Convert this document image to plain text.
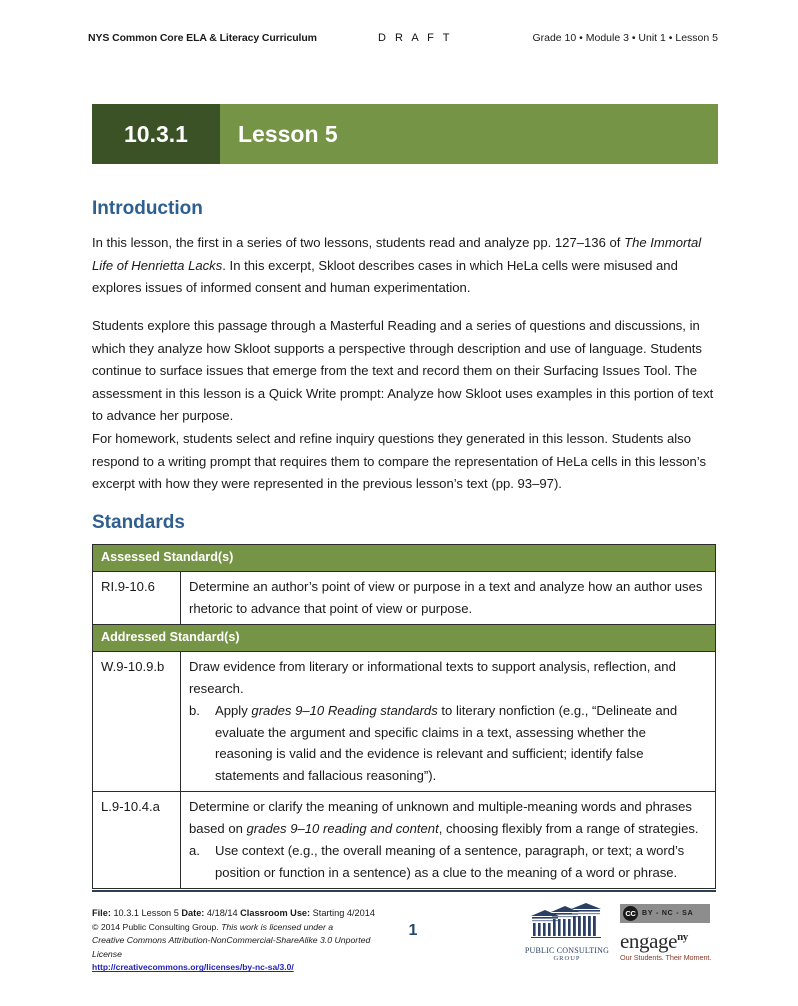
NYS Common Core ELA & Literacy Curriculum	D R A F T	Grade 10 • Module 3 • Unit 1 • Lesson 5
10.3.1	Lesson 5
Introduction

In this lesson, the first in a series of two lessons, students read and analyze pp. 127–136 of The Immortal Life of Henrietta Lacks. In this excerpt, Skloot describes cases in which HeLa cells were misused and explores issues of informed consent and human experimentation.

Students explore this passage through a Masterful Reading and a series of questions and discussions, in which they analyze how Skloot supports a perspective through description and use of language. Students continue to surface issues that emerge from the text and record them on their Surfacing Issues Tool. The assessment in this lesson is a Quick Write prompt: Analyze how Skloot uses examples in this portion of text to advance her purpose.

For homework, students select and refine inquiry questions they generated in this lesson. Students also respond to a writing prompt that requires them to compare the representation of HeLa cells in this lesson’s excerpt with how they were represented in the previous lesson’s text (pp. 93–97).

Standards
Assessed Standard(s)	
RI.9-10.6	Determine an author’s point of view or purpose in a text and analyze how an author uses rhetoric to advance that point of view or purpose.
Addressed Standard(s)	
W.9-10.9.b	Draw evidence from literary or informational texts to support analysis, reflection, and research.
b.	Apply grades 9–10 Reading standards to literary nonfiction (e.g., “Delineate and evaluate the argument and specific claims in a text, assessing whether the reasoning is valid and the evidence is relevant and sufficient; identify false statements and fallacious reasoning”).

L.9-10.4.a	Determine or clarify the meaning of unknown and multiple-meaning words and phrases based on grades 9–10 reading and content, choosing flexibly from a range of strategies.
a.	Use context (e.g., the overall meaning of a sentence, paragraph, or text; a word’s position or function in a sentence) as a clue to the meaning of a word or phrase.
File: 10.3.1 Lesson 5 Date: 4/18/14 Classroom Use: Starting 4/2014
© 2014 Public Consulting Group. This work is licensed under a
Creative Commons Attribution-NonCommercial-ShareAlike 3.0 Unported License
http://creativecommons.org/licenses/by-nc-sa/3.0/
1
PUBLIC CONSULTING
GROUP
CC BY - NC - SA
engage$^{ny}$
Our Students. Their Moment.
